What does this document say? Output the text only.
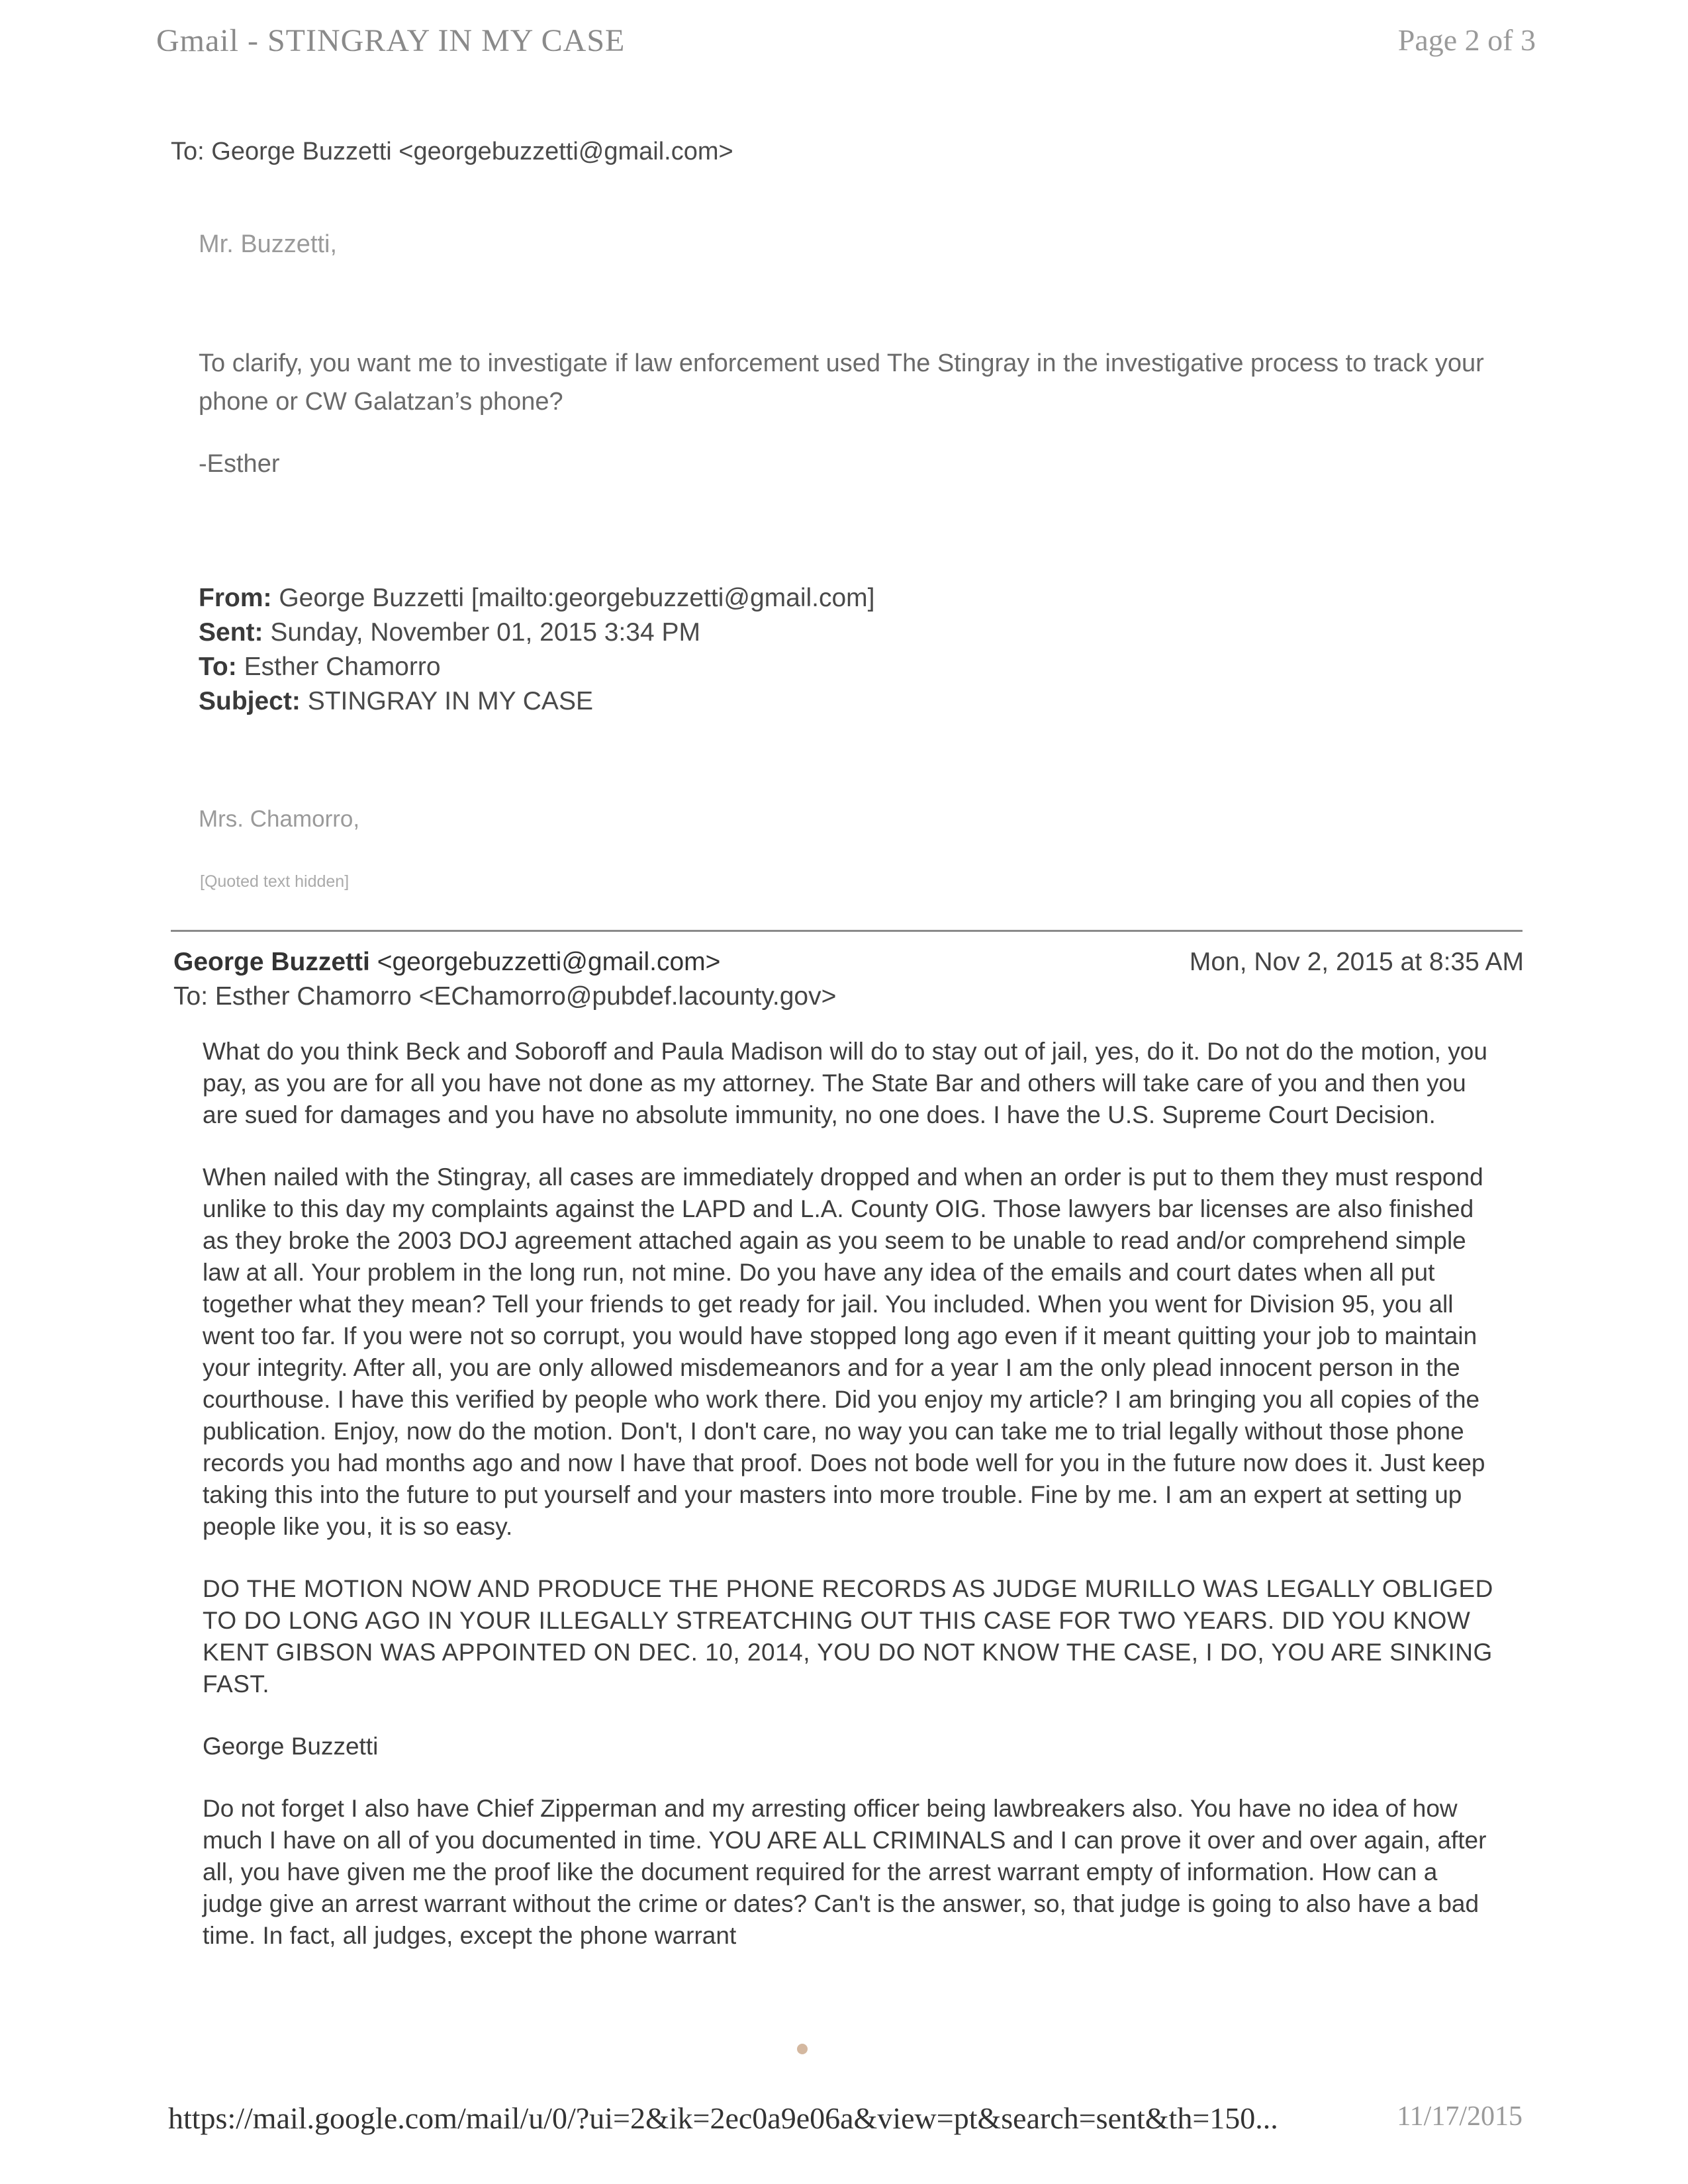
Gmail - STINGRAY IN MY CASE	Page 2 of 3
To: George Buzzetti <georgebuzzetti@gmail.com>

Mr. Buzzetti,

To clarify, you want me to investigate if law enforcement used The Stingray in the investigative process to track your phone or CW Galatzan’s phone?

-Esther

From: George Buzzetti [mailto:georgebuzzetti@gmail.com]
Sent: Sunday, November 01, 2015 3:34 PM
To: Esther Chamorro
Subject: STINGRAY IN MY CASE
Mrs. Chamorro,
[Quoted text hidden]
George Buzzetti <georgebuzzetti@gmail.com>	Mon, Nov 2, 2015 at 8:35 AM
To: Esther Chamorro <EChamorro@pubdef.lacounty.gov>

What do you think Beck and Soboroff and Paula Madison will do to stay out of jail, yes, do it. Do not do the motion, you pay, as you are for all you have not done as my attorney. The State Bar and others will take care of you and then you are sued for damages and you have no absolute immunity, no one does. I have the U.S. Supreme Court Decision.

When nailed with the Stingray, all cases are immediately dropped and when an order is put to them they must respond unlike to this day my complaints against the LAPD and L.A. County OIG. Those lawyers bar licenses are also finished as they broke the 2003 DOJ agreement attached again as you seem to be unable to read and/or comprehend simple law at all. Your problem in the long run, not mine. Do you have any idea of the emails and court dates when all put together what they mean? Tell your friends to get ready for jail. You included. When you went for Division 95, you all went too far. If you were not so corrupt, you would have stopped long ago even if it meant quitting your job to maintain your integrity. After all, you are only allowed misdemeanors and for a year I am the only plead innocent person in the courthouse. I have this verified by people who work there. Did you enjoy my article? I am bringing you all copies of the publication. Enjoy, now do the motion. Don't, I don't care, no way you can take me to trial legally without those phone records you had months ago and now I have that proof. Does not bode well for you in the future now does it. Just keep taking this into the future to put yourself and your masters into more trouble. Fine by me. I am an expert at setting up people like you, it is so easy.

DO THE MOTION NOW AND PRODUCE THE PHONE RECORDS AS JUDGE MURILLO WAS LEGALLY OBLIGED TO DO LONG AGO IN YOUR ILLEGALLY STREATCHING OUT THIS CASE FOR TWO YEARS. DID YOU KNOW KENT GIBSON WAS APPOINTED ON DEC. 10, 2014, YOU DO NOT KNOW THE CASE, I DO, YOU ARE SINKING FAST.

George Buzzetti

Do not forget I also have Chief Zipperman and my arresting officer being lawbreakers also. You have no idea of how much I have on all of you documented in time. YOU ARE ALL CRIMINALS and I can prove it over and over again, after all, you have given me the proof like the document required for the arrest warrant empty of information. How can a judge give an arrest warrant without the crime or dates? Can't is the answer, so, that judge is going to also have a bad time. In fact, all judges, except the phone warrant

https://mail.google.com/mail/u/0/?ui=2&ik=2ec0a9e06a&view=pt&search=sent&th=150...	11/17/2015
